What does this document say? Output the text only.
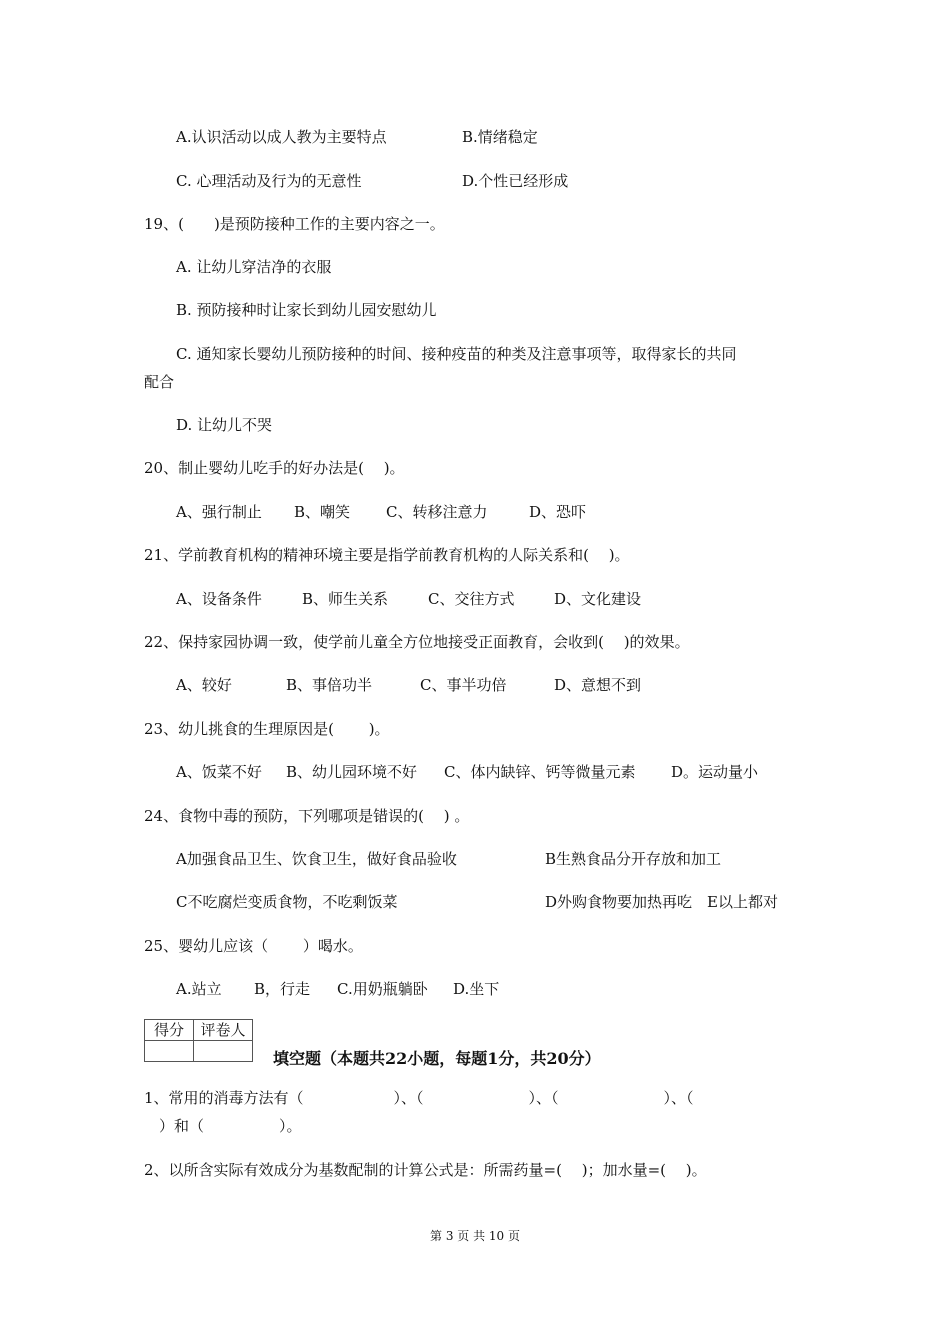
A.认识活动以成人教为主要特点	B.情绪稳定
C. 心理活动及行为的无意性	D.个性已经形成
19、(　　)是预防接种工作的主要内容之一。
A. 让幼儿穿洁净的衣服
B. 预防接种时让家长到幼儿园安慰幼儿
C. 通知家长婴幼儿预防接种的时间、接种疫苗的种类及注意事项等，取得家长的共同
配合
D. 让幼儿不哭
20、制止婴幼儿吃手的好办法是(　 )。
A、强行制止 B、嘲笑 C、转移注意力	D、恐吓
21、学前教育机构的精神环境主要是指学前教育机构的人际关系和(　 )。
A、设备条件	B、师生关系	C、交往方式	D、文化建设
22、保持家园协调一致，使学前儿童全方位地接受正面教育，会收到(　 )的效果。
A、较好	B、事倍功半	C、事半功倍	D、意想不到
23、幼儿挑食的生理原因是(　　 )。
A、饭菜不好 B、幼儿园环境不好 C、体内缺锌、钙等微量元素 D。运动量小
24、食物中毒的预防，下列哪项是错误的(　 ) 。
A加强食品卫生、饮食卫生，做好食品验收	B生熟食品分开存放和加工
C不吃腐烂变质食物，不吃剩饭菜	D外购食物要加热再吃　E以上都对
25、婴幼儿应该（　　 ）喝水。
A.站立 B，行走 C.用奶瓶躺卧 D.坐下
得分	评卷人

填空题（本题共22小题，每题1分，共20分）
1、常用的消毒方法有（　　　　　　）、（　　　　　　　）、（　　　　　　　）、（
　）和（　　　　　）。
2、以所含实际有效成分为基数配制的计算公式是：所需药量=(　 )；加水量=(　 )。
第 3 页 共 10 页
